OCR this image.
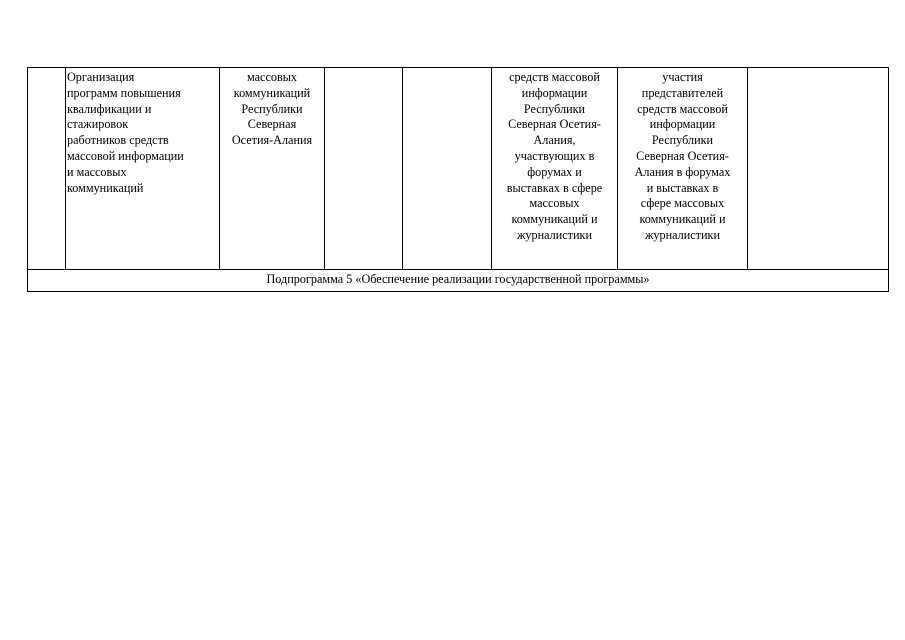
	Организация
программ повышения
квалификации и
стажировок
работников средств
массовой информации
и массовых
коммуникаций	массовых
коммуникаций
Республики
Северная
Осетия-Алания			средств массовой
информации
Республики
Северная Осетия-
Алания,
участвующих в
форумах и
выставках в сфере
массовых
коммуникаций и
журналистики	участия
представителей
средств массовой
информации
Республики
Северная Осетия-
Алания в форумах
и выставках в
сфере массовых
коммуникаций и
журналистики	
Подпрограмма 5 «Обеспечение реализации государственной программы»
